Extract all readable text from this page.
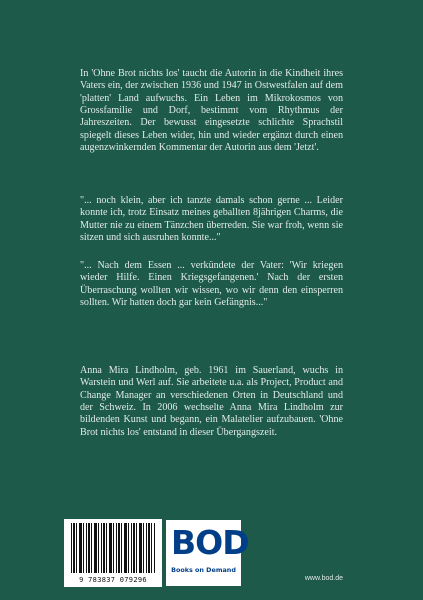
In 'Ohne Brot nichts los' taucht die Autorin in die Kindheit ihres Vaters ein, der zwischen 1936 und 1947 in Ostwestfalen auf dem 'platten' Land aufwuchs. Ein Leben im Mikrokosmos von Grossfamilie und Dorf, bestimmt vom Rhythmus der Jahreszeiten. Der bewusst eingesetzte schlichte Sprachstil spiegelt dieses Leben wider, hin und wieder ergänzt durch einen augenzwinkernden Kommentar der Autorin aus dem 'Jetzt'.

"... noch klein, aber ich tanzte damals schon gerne ... Leider konnte ich, trotz Einsatz meines geballten 8jährigen Charms, die Mutter nie zu einem Tänzchen überreden. Sie war froh, wenn sie sitzen und sich ausruhen konnte..."

"... Nach dem Essen ... verkündete der Vater: 'Wir kriegen wieder Hilfe. Einen Kriegsgefangenen.' Nach der ersten Überraschung wollten wir wissen, wo wir denn den einsperren sollten. Wir hatten doch gar kein Gefängnis..."

Anna Mira Lindholm, geb. 1961 im Sauerland, wuchs in Warstein und Werl auf. Sie arbeitete u.a. als Project, Product and Change Manager an verschiedenen Orten in Deutschland und der Schweiz. In 2006 wechselte Anna Mira Lindholm zur bildenden Kunst und begann, ein Malatelier aufzubauen. 'Ohne Brot nichts los' entstand in dieser Übergangszeit.

9 783837 079296
BOD
Books on Demand
www.bod.de
